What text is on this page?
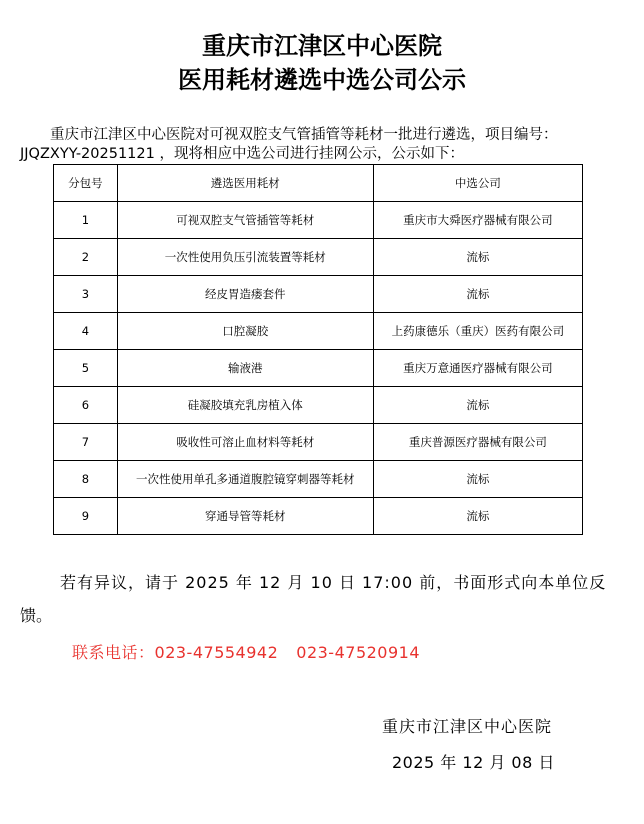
重庆市江津区中心医院
医用耗材遴选中选公司公示
重庆市江津区中心医院对可视双腔支气管插管等耗材一批进行遴选，项目编号：
JJQZXYY-20251121 ，现将相应中选公司进行挂网公示，公示如下：
分包号	遴选医用耗材	中选公司
1	可视双腔支气管插管等耗材	重庆市大舜医疗器械有限公司
2	一次性使用负压引流装置等耗材	流标
3	经皮胃造瘘套件	流标
4	口腔凝胶	上药康德乐（重庆）医药有限公司
5	输液港	重庆万意通医疗器械有限公司
6	硅凝胶填充乳房植入体	流标
7	吸收性可溶止血材料等耗材	重庆普源医疗器械有限公司
8	一次性使用单孔多通道腹腔镜穿刺器等耗材	流标
9	穿通导管等耗材	流标
若有异议，请于 2025 年 12 月 10 日 17:00 前，书面形式向本单位反
馈。
联系电话：023-47554942 023-47520914
重庆市江津区中心医院
2025 年 12 月 08 日
